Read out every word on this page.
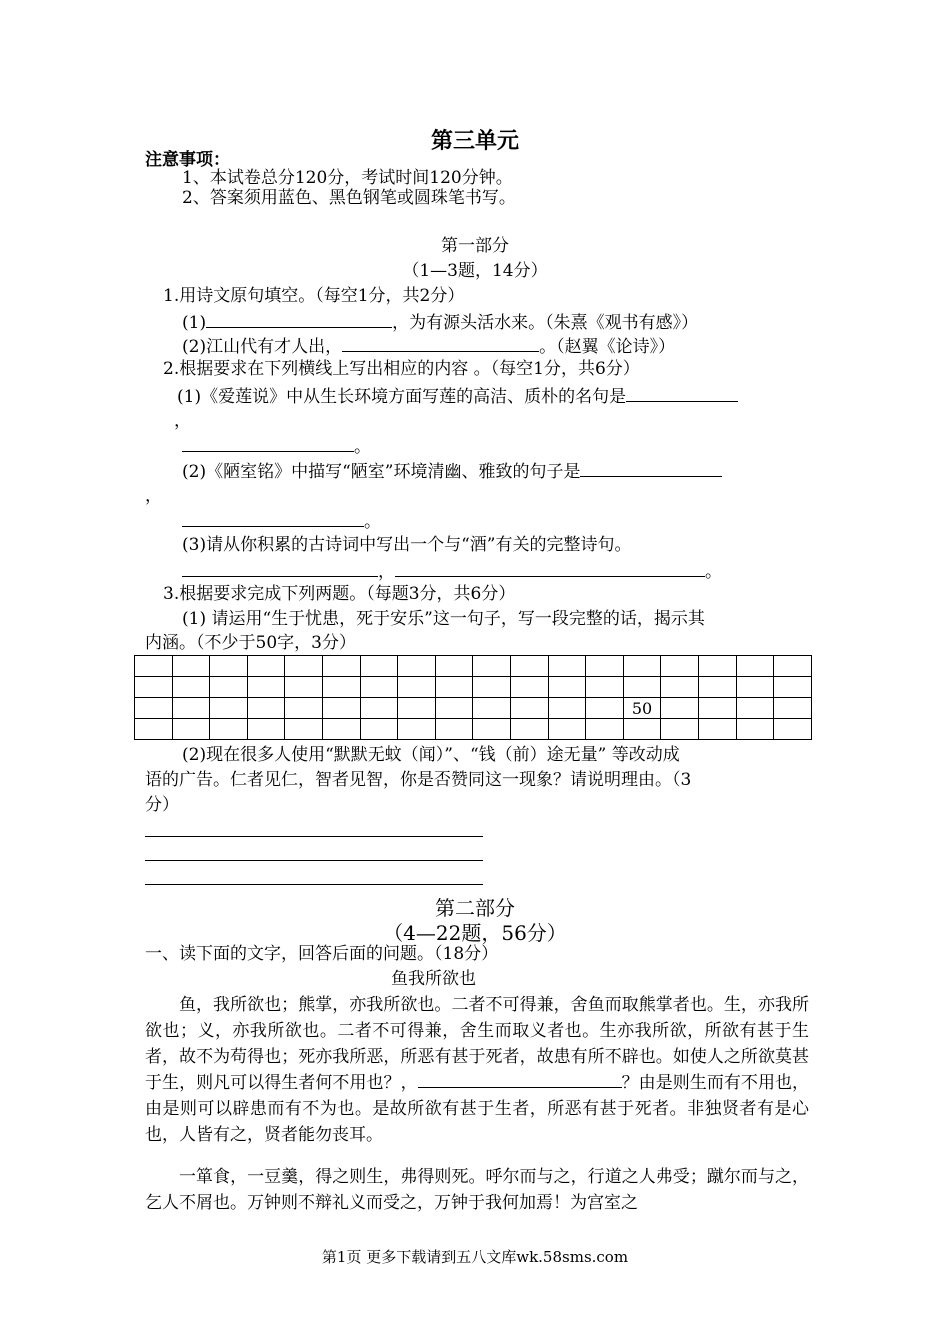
第三单元
注意事项：
1、本试卷总分120分，考试时间120分钟。
2、答案须用蓝色、黑色钢笔或圆珠笔书写。
第一部分
（1—3题，14分）
1.用诗文原句填空。（每空1分，共2分）
(1)	，为有源头活水来。（朱熹《观书有感》）
(2)江山代有才人出，	。（赵翼《论诗》）
2.根据要求在下列横线上写出相应的内容 。（每空1分，共6分）
(1)《爱莲说》中从生长环境方面写莲的高洁、质朴的名句是
，
。
(2)《陋室铭》中描写“陋室”环境清幽、雅致的句子是
，
。
(3)请从你积累的古诗词中写出一个与“酒”有关的完整诗句。
，	。
3.根据要求完成下列两题。（每题3分，共6分）
(1) 请运用“生于忧患，死于安乐”这一句子，写一段完整的话，揭示其
内涵。（不少于50字，3分）

													50				

(2)现在很多人使用“默默无蚊（闻）”、“钱（前）途无量” 等改动成
语的广告。仁者见仁，智者见智，你是否赞同这一现象？请说明理由。（3
分）
第二部分
（4—22题，56分）
一、读下面的文字，回答后面的问题。（18分）
鱼我所欲也
鱼，我所欲也；熊掌，亦我所欲也。二者不可得兼，舍鱼而取熊掌者也。生，亦我所欲也；义，亦我所欲也。二者不可得兼，舍生而取义者也。生亦我所欲，所欲有甚于生者，故不为苟得也；死亦我所恶，所恶有甚于死者，故患有所不辟也。如使人之所欲莫甚于生，则凡可以得生者何不用也？，	？由是则生而有不用也，由是则可以辟患而有不为也。是故所欲有甚于生者，所恶有甚于死者。非独贤者有是心也，人皆有之，贤者能勿丧耳。
一箪食，一豆羹，得之则生，弗得则死。呼尔而与之，行道之人弗受；蹴尔而与之，乞人不屑也。万钟则不辩礼义而受之，万钟于我何加焉！为宫室之
第1页 更多下载请到五八文库wk.58sms.com
